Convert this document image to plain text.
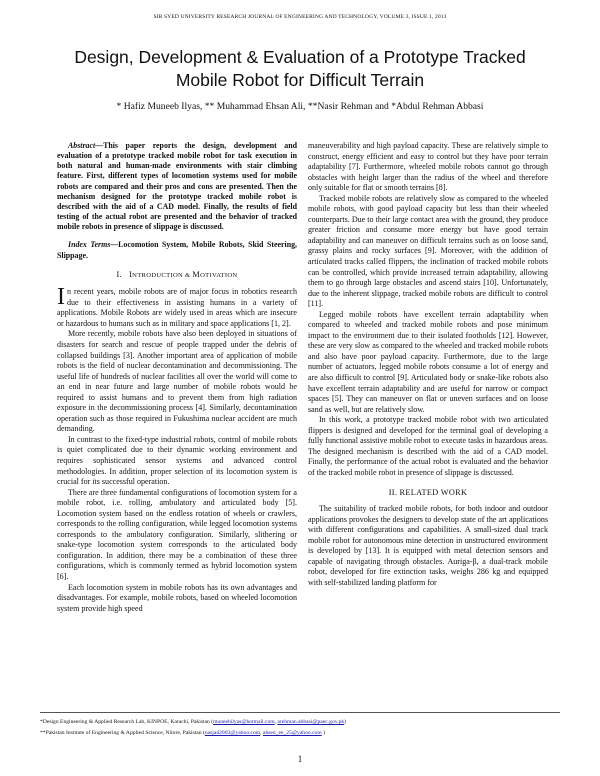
SIR SYED UNIVERSITY RESEARCH JOURNAL OF ENGINEERING AND TECHNOLOGY, VOLUME 3, ISSUE 1, 2013
Design, Development & Evaluation of a Prototype Tracked
Mobile Robot for Difficult Terrain
* Hafiz Muneeb Ilyas, ** Muhammad Ehsan Ali, **Nasir Rehman and *Abdul Rehman Abbasi
Abstract—This paper reports the design, development and evaluation of a prototype tracked mobile robot for task execution in both natural and human-made environments with stair climbing feature. First, different types of locomotion systems used for mobile robots are compared and their pros and cons are presented. Then the mechanism designed for the prototype tracked mobile robot is described with the aid of a CAD model. Finally, the results of field testing of the actual robot are presented and the behavior of tracked mobile robots in presence of slippage is discussed.
Index Terms—Locomotion System, Mobile Robots, Skid Steering, Slippage.
I. INTRODUCTION & MOTIVATION

In recent years, mobile robots are of major focus in robotics research due to their effectiveness in assisting humans in a variety of applications. Mobile Robots are widely used in areas which are insecure or hazardous to humans such as in military and space applications [1, 2].

More recently, mobile robots have also been deployed in situations of disasters for search and rescue of people trapped under the debris of collapsed buildings [3]. Another important area of application of mobile robots is the field of nuclear decontamination and decommissioning. The useful life of hundreds of nuclear facilities all over the world will come to an end in near future and large number of mobile robots would be required to assist humans and to prevent them from high radiation exposure in the decommissioning process [4]. Similarly, decontamination operation such as those required in Fukushima nuclear accident are much demanding.

In contrast to the fixed-type industrial robots, control of mobile robots is quiet complicated due to their dynamic working environment and requires sophisticated sensor systems and advanced control methodologies. In addition, proper selection of its locomotion system is crucial for its successful operation.

There are three fundamental configurations of locomotion system for a mobile robot, i.e. rolling, ambulatory and articulated body [5]. Locomotion system based on the endless rotation of wheels or crawlers, corresponds to the rolling configuration, while legged locomotion systems corresponds to the ambulatory configuration. Similarly, slithering or snake-type locomotion system corresponds to the articulated body configuration. In addition, there may be a combination of these three configurations, which is commonly termed as hybrid locomotion system [6].

Each locomotion system in mobile robots has its own advantages and disadvantages. For example, mobile robots, based on wheeled locomotion system provide high speed

maneuverability and high payload capacity. These are relatively simple to construct, energy efficient and easy to control but they have poor terrain adaptability [7]. Furthermore, wheeled mobile robots cannot go through obstacles with height larger than the radius of the wheel and therefore only suitable for flat or smooth terrains [8].

Tracked mobile robots are relatively slow as compared to the wheeled mobile robots, with good payload capacity but less than their wheeled counterparts. Due to their large contact area with the ground, they produce greater friction and consume more energy but have good terrain adaptability and can maneuver on difficult terrains such as on loose sand, grassy plains and rocky surfaces [9]. Moreover, with the addition of articulated tracks called flippers, the inclination of tracked mobile robots can be controlled, which provide increased terrain adaptability, allowing them to go through large obstacles and ascend stairs [10]. Unfortunately, due to the inherent slippage, tracked mobile robots are difficult to control [11].

Legged mobile robots have excellent terrain adaptability when compared to wheeled and tracked mobile robots and pose minimum impact to the environment due to their isolated footholds [12]. However, these are very slow as compared to the wheeled and tracked mobile robots and also have poor payload capacity. Furthermore, due to the large number of actuators, legged mobile robots consume a lot of energy and are also difficult to control [9]. Articulated body or snake-like robots also have excellent terrain adaptability and are useful for narrow or compact spaces [5]. They can maneuver on flat or uneven surfaces and on loose sand as well, but are relatively slow.

In this work, a prototype tracked mobile robot with two articulated flippers is designed and developed for the terminal goal of developing a fully functional assistive mobile robot to execute tasks in hazardous areas. The designed mechanism is described with the aid of a CAD model. Finally, the performance of the actual robot is evaluated and the behavior of the tracked mobile robot in presence of slippage is discussed.

II. RELATED WORK

The suitability of tracked mobile robots, for both indoor and outdoor applications provokes the designers to develop state of the art applications with different configurations and capabilities. A small-sized dual track mobile robot for autonomous mine detection in unstructured environment is developed by [13]. It is equipped with metal detection sensors and capable of navigating through obstacles. Auriga-β, a dual-track mobile robot, developed for fire extinction tasks, weighs 286 kg and equipped with self-stabilized landing platform for

*Design Engineering & Applied Research Lab, KINPOE, Karachi, Pakistan (muneebilyas@hotmail.com, arehman.abbasi@paec.gov.pk)
**Pakistan Institute of Engineering & Applied Science, Nilore, Pakistan (nasjad2003@yahoo.com, ahsen_ee_25@yahoo.com )
1
